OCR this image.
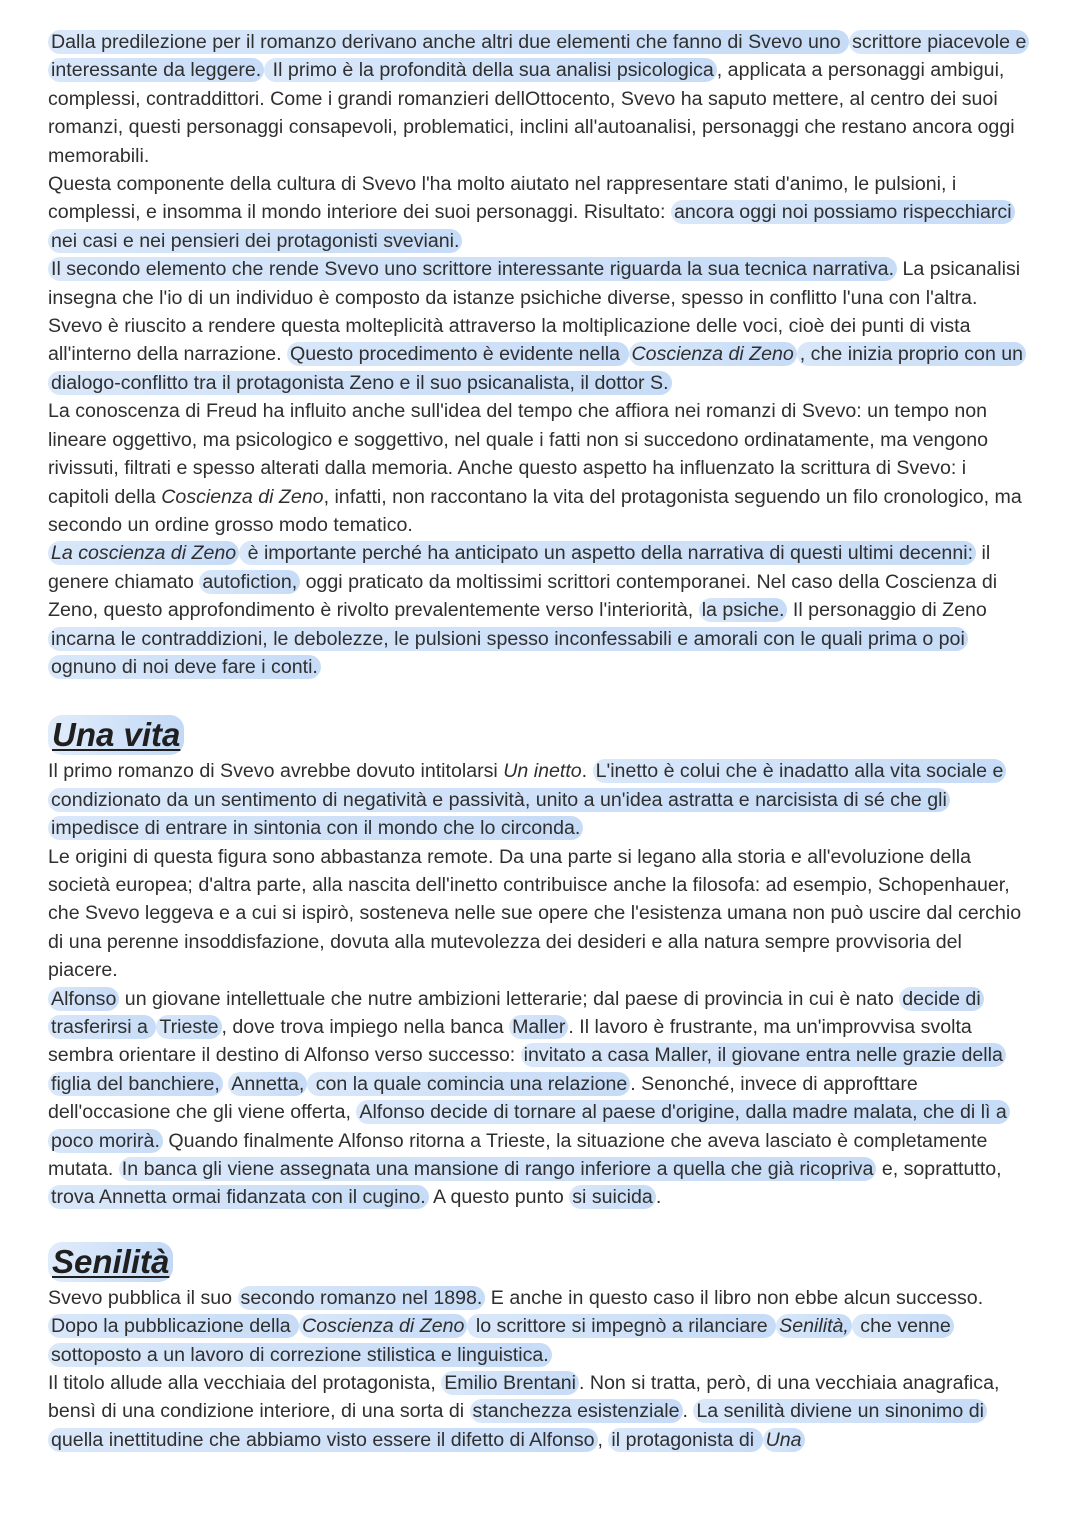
Dalla predilezione per il romanzo derivano anche altri due elementi che fanno di Svevo uno scrittore piacevole e interessante da leggere. Il primo è la profondità della sua analisi psicologica , applicata a personaggi ambigui, complessi, contraddittori. Come i grandi romanzieri dellOttocento, Svevo ha saputo mettere, al centro dei suoi romanzi, questi personaggi consapevoli, problematici, inclini all'autoanalisi, personaggi che restano ancora oggi memorabili.

Questa componente della cultura di Svevo l'ha molto aiutato nel rappresentare stati d'animo, le pulsioni, i complessi, e insomma il mondo interiore dei suoi personaggi. Risultato: ancora oggi noi possiamo rispecchiarci nei casi e nei pensieri dei protagonisti sveviani.

Il secondo elemento che rende Svevo uno scrittore interessante riguarda la sua tecnica narrativa. La psicanalisi insegna che l'io di un individuo è composto da istanze psichiche diverse, spesso in conflitto l'una con l'altra. Svevo è riuscito a rendere questa molteplicità attraverso la moltiplicazione delle voci, cioè dei punti di vista all'interno della narrazione. Questo procedimento è evidente nella Coscienza di Zeno , che inizia proprio con un dialogo-conflitto tra il protagonista Zeno e il suo psicanalista, il dottor S.

La conoscenza di Freud ha influito anche sull'idea del tempo che affiora nei romanzi di Svevo: un tempo non lineare oggettivo, ma psicologico e soggettivo, nel quale i fatti non si succedono ordinatamente, ma vengono rivissuti, filtrati e spesso alterati dalla memoria. Anche questo aspetto ha influenzato la scrittura di Svevo: i capitoli della Coscienza di Zeno, infatti, non raccontano la vita del protagonista seguendo un filo cronologico, ma secondo un ordine grosso modo tematico.

La coscienza di Zeno è importante perché ha anticipato un aspetto della narrativa di questi ultimi decenni: il genere chiamato autofiction, oggi praticato da moltissimi scrittori contemporanei. Nel caso della Coscienza di Zeno, questo approfondimento è rivolto prevalentemente verso l'interiorità, la psiche. Il personaggio di Zeno incarna le contraddizioni, le debolezze, le pulsioni spesso inconfessabili e amorali con le quali prima o poi ognuno di noi deve fare i conti.

Una vita

Il primo romanzo di Svevo avrebbe dovuto intitolarsi Un inetto. L'inetto è colui che è inadatto alla vita sociale e condizionato da un sentimento di negatività e passività, unito a un'idea astratta e narcisista di sé che gli impedisce di entrare in sintonia con il mondo che lo circonda.

Le origini di questa figura sono abbastanza remote. Da una parte si legano alla storia e all'evoluzione della società europea; d'altra parte, alla nascita dell'inetto contribuisce anche la filosofa: ad esempio, Schopenhauer, che Svevo leggeva e a cui si ispirò, sosteneva nelle sue opere che l'esistenza umana non può uscire dal cerchio di una perenne insoddisfazione, dovuta alla mutevolezza dei desideri e alla natura sempre provvisoria del piacere.

Alfonso un giovane intellettuale che nutre ambizioni letterarie; dal paese di provincia in cui è nato decide di trasferirsi a Trieste , dove trova impiego nella banca Maller . Il lavoro è frustrante, ma un'improvvisa svolta sembra orientare il destino di Alfonso verso successo: invitato a casa Maller, il giovane entra nelle grazie della figlia del banchiere, Annetta, con la quale comincia una relazione . Senonché, invece di approfttare dell'occasione che gli viene offerta, Alfonso decide di tornare al paese d'origine, dalla madre malata, che di lì a poco morirà. Quando finalmente Alfonso ritorna a Trieste, la situazione che aveva lasciato è completamente mutata. In banca gli viene assegnata una mansione di rango inferiore a quella che già ricopriva e, soprattutto, trova Annetta ormai fidanzata con il cugino. A questo punto si suicida .

Senilità

Svevo pubblica il suo secondo romanzo nel 1898. E anche in questo caso il libro non ebbe alcun successo. Dopo la pubblicazione della Coscienza di Zeno lo scrittore si impegnò a rilanciare Senilità, che venne sottoposto a un lavoro di correzione stilistica e linguistica.

Il titolo allude alla vecchiaia del protagonista, Emilio Brentani . Non si tratta, però, di una vecchiaia anagrafica, bensì di una condizione interiore, di una sorta di stanchezza esistenziale . La senilità diviene un sinonimo di quella inettitudine che abbiamo visto essere il difetto di Alfonso , il protagonista di Una
